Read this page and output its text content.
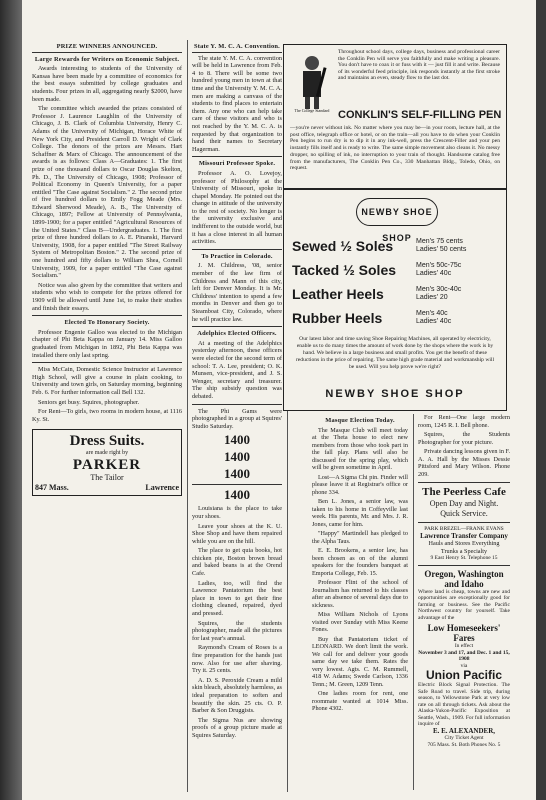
PRIZE WINNERS ANNOUNCED.
Large Rewards for Writers on Economic Subject.

Awards interesting to students of the University of Kansas have been made by a committee of economics for the best essays submitted by college graduates and students. Four prizes in all, aggregating nearly $2000, have been made.

The committee which awarded the prizes consisted of Professor J. Laurence Laughlin of the University of Chicago, J. B. Clark of Columbia University, Henry C. Adams of the University of Michigan, Horace White of New York City, and President Carroll D. Wright of Clark College. The donors of the prizes are Messrs. Hart Schaffner & Marx of Chicago. The announcement of the awards is as follows: Class A—Graduates: 1. The first prize of one thousand dollars to Oscar Douglas Skelton, Ph. D., The University of Chicago, 1908; Professor of Political Economy in Queen's University, for a paper entitled "The Case against Socialism." 2. The second prize of five hundred dollars to Emily Fogg Meade (Mrs. Edward Sherwood Meade), A. B., The University of Chicago, 1897; Fellow at University of Pennsylvania, 1899-1900; for a paper entitled "Agricultural Resources of the United States." Class B—Undergraduates. 1. The first prize of three hundred dollars to A. E. Pinanski, Harvard University, 1908, for a paper entitled "The Street Railway System of Metropolitan Boston." 2. The second prize of one hundred and fifty dollars to William Shea, Cornell University, 1909, for a paper entitled "The Case against Socialism."

Notice was also given by the committee that writers and students who wish to compete for the prizes offered for 1909 will be allowed until June 1st, to make their studies and finish their essays.

Elected To Honorary Society.

Professor Engenie Galloo was elected to the Michigan chapter of Phi Beta Kappa on January 14. Miss Galloo graduated from Michigan in 1892, Phi Beta Kappa was installed there only last spring.

Miss McCain, Domestic Science Instructor at Lawrence High School, will give a course in plain cooking, to University and town girls, on Saturday morning, beginning Feb. 6. For further information call Bell 132.

Seniors get busy. Squires, photographer.

For Rent—To girls, two rooms in modern house, at 1116 Ky. St.

Dress Suits.
are made right by
PARKER
The Tailor
847 Mass.	Lawrence
State Y. M. C. A. Convention.

The state Y. M. C. A. convention will be held in Lawrence from Feb. 4 to 8. There will be some two hundred young men in town at that time and the University Y. M. C. A. men are making a canvass of the students to find places to entertain them. Any one who can help take care of these visitors and who is not reached by the Y. M. C. A. is requested by that organization to hand their names to Secretary Hagerman.

Missouri Professor Spoke.

Professor A. O. Lovejoy, professor of Philosophy at the University of Missouri, spoke in chapel Monday. He pointed out the change in attitude of the university to the rest of society. No longer is the university exclusive and indifferent to the outside world, but it has a close interest in all human activities.

To Practice in Colorado.

J. M. Childress, '08, senior member of the law firm of Childress and Mann of this city, left for Denver Monday. It is Mr. Childress' intention to spend a few months in Denver and then go to Steamboat City, Colorado, where he will practice law.

Adelphics Elected Officers.

At a meeting of the Adelphics yesterday afternoon, these officers were elected for the second term of school: T. A. Lee, president; O. K. Munsen, vice-president, and J. S. Wenger, secretary and treasurer. The ship subsidy question was debated.

The Phi Gams were photographed in a group at Squires' Studio Saturday.

1400
1400
1400
1400

Louisiana is the place to take your shoes.

Leave your shoes at the K. U. Shoe Shop and have them repaired while you are on the hill.

The place to get quia books, hot chicken pie, Boston brown bread and baked beans is at the Orend Cafe.

Ladies, too, will find the Lawrence Pantatorium the best place in town to get their fine clothing cleaned, repaired, dyed and pressed.

Squires, the students photographer, made all the pictures for last year's annual.

Raymond's Cream of Roses is a fine preparation for the hands just now. Also for use after shaving. Try it. 25 cents.

A. D. S. Peroxide Cream a mild skin bleach, absolutely harmless, as ideal preparation to soften and beautify the skin. 25 cts. O. P. Barber & Son Druggists.

The Sigma Nus are showing proofs of a group picture made at Squires Saturday.

The College Standard
Throughout school days, college days, business and professional career the Conklin Pen will serve you faithfully and make writing a pleasure. You don't have to coax it or fuss with it — just fill it and write. Because of its wonderful feed principle, ink responds instantly at the first stroke and maintains an even, steady flow to the last dot.
CONKLIN'S SELF-FILLING PEN
—you're never without ink. No matter where you may be—in your room, lecture hall, at the post office, telegraph office or hotel, or on the train—all you have to do when your Conklin Pen begins to run dry is to dip it in any ink-well, press the Crescent-Filler and your pen instantly fills itself and is ready to write. The same simple movement also cleans it. No messy dropper, no spilling of ink, no interruption to your train of thought. Handsome catalog free from the manufacturers, The Conklin Pen Co., 330 Manhattan Bldg., Toledo, Ohio, on request.
NEWBY SHOE SHOP
Sewed ½ Soles	Men's 75 cents
Ladies' 50 cents
Tacked ½ Soles	Men's 50c-75c
Ladies' 40c
Leather Heels	Men's 30c-40c
Ladies' 20
Rubber Heels	Men's 40c
Ladies' 40c
Our latest labor and time saving Shoe Repairing Machines, all operated by electricity, enable us to do many times the amount of work done by the shops where the work is by hand. We believe in a large business and small profits. You get the benefit of these reductions in the price of repairing. The same high grade material and workmanship will be used. Will you help prove we're right?
NEWBY SHOE SHOP
Masque Election Today.

The Masque Club will meet today at the Theta house to elect new members from those who took part in the fall play. Plans will also be discussed for the spring play, which will be given sometime in April.

Lost—A Sigma Chi pin. Finder will please leave it at Registrar's office or phone 334.

Ben L. Jones, a senior law, was taken to his home in Coffeyville last week. His parents, Mr. and Mrs. J. R. Jones, came for him.

"Happy" Martindell has pledged to the Alpha Taus.

E. E. Brookens, a senior law, has been chosen as on of the alumni speakers for the founders banquet at Emporia College, Feb. 15.

Professor Flint of the school of Journalism has returned to his classes after an absence of several days due to sickness.

Miss William Nichols of Lyons visited over Sunday with Miss Keene Fones.

Buy that Pantatorium ticket of LEONARD. We don't limit the work. We call for and deliver your goods same day we take them. Rates the very lowest. Agts. C. M. Rummell, 418 W. Adams; Swede Carlson, 1336 Tenn.; M. Green, 1209 Tenn.

One ladies room for rent, one roommate wanted at 1014 Miss. Phone 4302.

For Rent—One large modern room, 1245 R. I. Bell phone.

Squires, the Students Photographer for your picture.

Private dancing lessons given in F. A. A. Hall by the Misses Dessie Pittsford and Mary Wilson. Phone 209.

The Peerless Cafe
Open Day and Night.
Quick Service.
PARK BREZEL—FRANK EVANS
Lawrence Transfer Company
Hauls and Stores Everything
Trunks a Specialty
9 East Henry St. Telephone 15
Oregon, Washington and Idaho
Where land is cheap, towns are new and opportunities are exceptionally good for farming or business. See the Pacific Northwest country for yourself. Take advantage of the
Low Homeseekers' Fares
In effect
November 3 and 17, and Dec. 1 and 15, 1908
via
Union Pacific
Electric Block Signal Protection. The Safe Road to travel. Side trip, during season, to Yellowstone Park at very low rate on all through tickets. Ask about the Alaska-Yukon-Pacific Exposition at Seattle, Wash., 1909. For full information inquire of
E. E. ALEXANDER,
City Ticket Agent
705 Mass. St. Both Phones No. 5
